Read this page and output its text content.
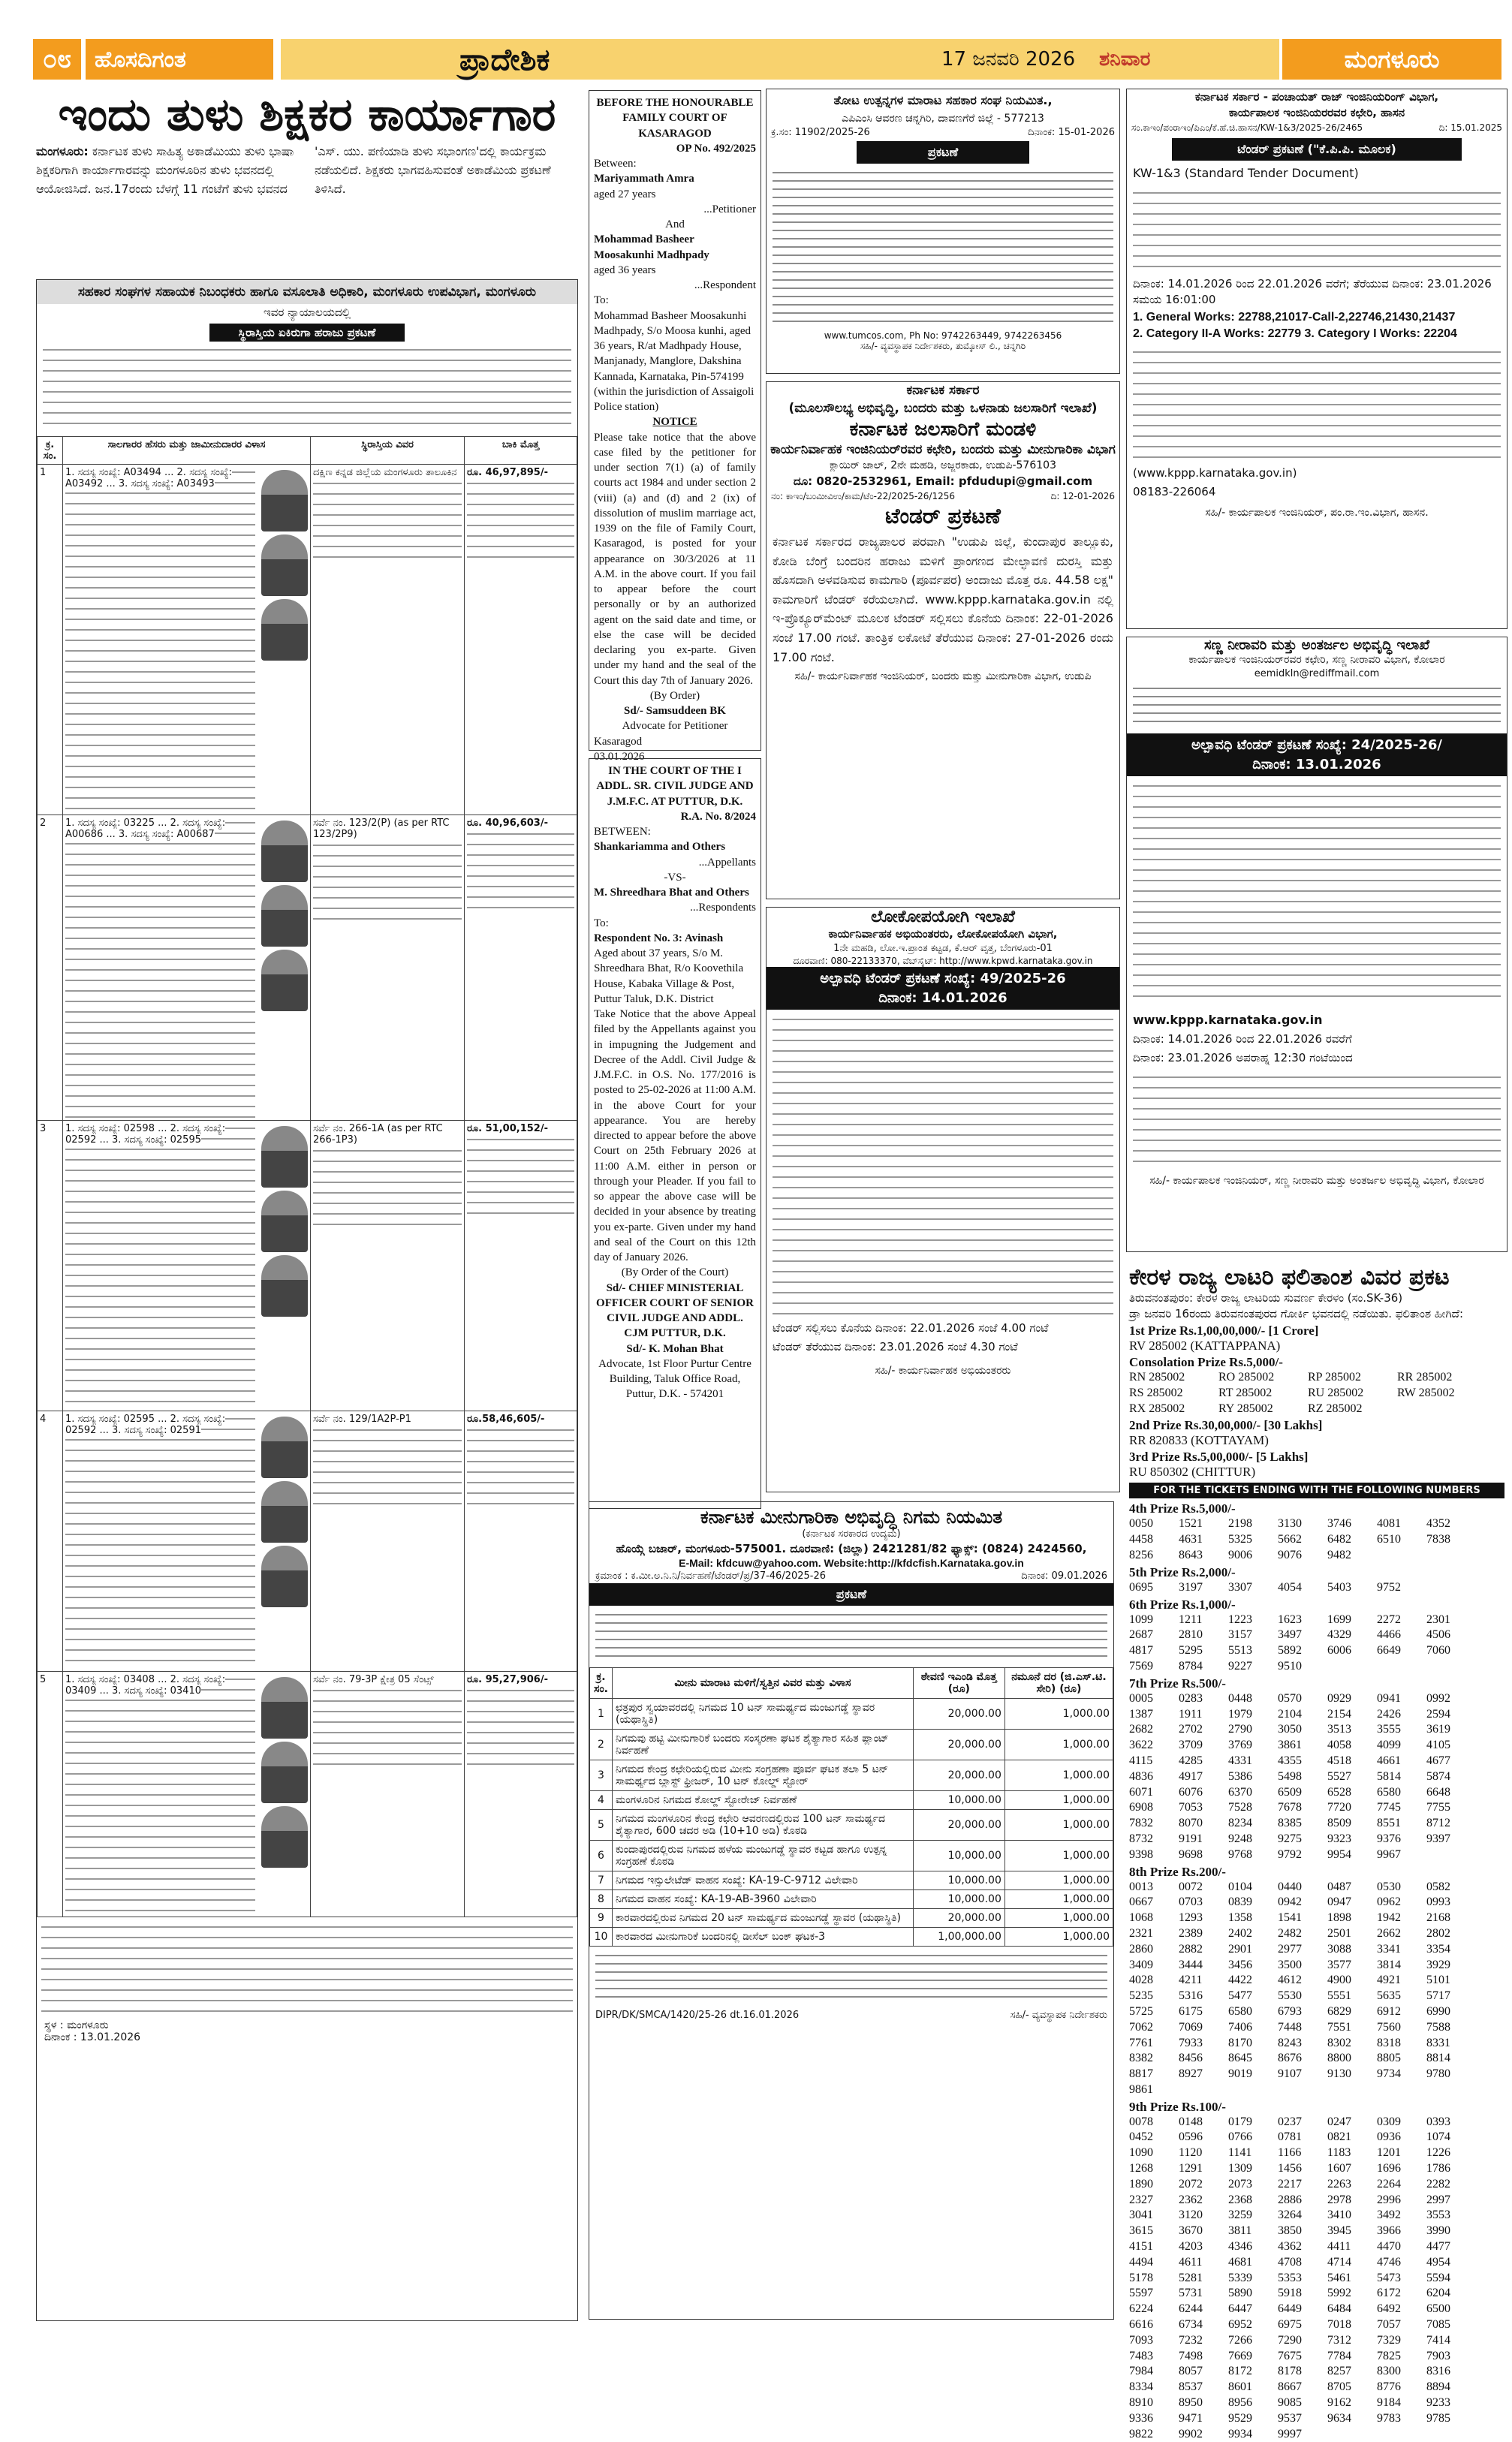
೦೮	ಹೊಸದಿಗಂತ	ಪ್ರಾದೇಶಿಕ	17 ಜನವರಿ 2026 ಶನಿವಾರ	ಮಂಗಳೂರು
ಇಂದು ತುಳು ಶಿಕ್ಷಕರ ಕಾರ್ಯಾಗಾರ
ಮಂಗಳೂರು: ಕರ್ನಾಟಕ ತುಳು ಸಾಹಿತ್ಯ ಅಕಾಡೆಮಿಯು ತುಳು ಭಾಷಾ ಶಿಕ್ಷಕರಿಗಾಗಿ ಕಾರ್ಯಾಗಾರವನ್ನು ಮಂಗಳೂರಿನ ತುಳು ಭವನದಲ್ಲಿ ಆಯೋಜಿಸಿದೆ. ಜನ.17ರಂದು ಬೆಳಗ್ಗೆ 11 ಗಂಟೆಗೆ ತುಳು ಭವನದ 'ಎಸ್. ಯು. ಪಣಿಯಾಡಿ ತುಳು ಸಭಾಂಗಣ'ದಲ್ಲಿ ಕಾರ್ಯಕ್ರಮ ನಡೆಯಲಿದೆ. ಶಿಕ್ಷಕರು ಭಾಗವಹಿಸುವಂತೆ ಅಕಾಡೆಮಿಯ ಪ್ರಕಟಣೆ ತಿಳಿಸಿದೆ.
ಸಹಕಾರ ಸಂಘಗಳ ಸಹಾಯಕ ನಿಬಂಧಕರು ಹಾಗೂ ವಸೂಲಾತಿ ಅಧಿಕಾರಿ, ಮಂಗಳೂರು ಉಪವಿಭಾಗ, ಮಂಗಳೂರು
ಇವರ ನ್ಯಾಯಾಲಯದಲ್ಲಿ
ಸ್ಥಿರಾಸ್ತಿಯ ಏಕಿರುಗಾ ಹರಾಜು ಪ್ರಕಟಣೆ
ಕ್ರ. ಸಂ.	ಸಾಲಗಾರರ ಹೆಸರು ಮತ್ತು ಜಾಮೀನುದಾರರ ವಿಳಾಸ	ಸ್ಥಿರಾಸ್ತಿಯ ವಿವರ	ಬಾಕಿ ಮೊತ್ತ
1	1. ಸದಸ್ಯ ಸಂಖ್ಯೆ: A03494 ... 2. ಸದಸ್ಯ ಸಂಖ್ಯೆ: A03492 ... 3. ಸದಸ್ಯ ಸಂಖ್ಯೆ: A03493	ದಕ್ಷಿಣ ಕನ್ನಡ ಜಿಲ್ಲೆಯ ಮಂಗಳೂರು ತಾಲೂಕಿನ	ರೂ. 46,97,895/-

2	1. ಸದಸ್ಯ ಸಂಖ್ಯೆ: 03225 ... 2. ಸದಸ್ಯ ಸಂಖ್ಯೆ: A00686 ... 3. ಸದಸ್ಯ ಸಂಖ್ಯೆ: A00687	ಸರ್ವೆ ನಂ. 123/2(P) (as per RTC 123/2P9)	ರೂ. 40,96,603/-

3	1. ಸದಸ್ಯ ಸಂಖ್ಯೆ: 02598 ... 2. ಸದಸ್ಯ ಸಂಖ್ಯೆ: 02592 ... 3. ಸದಸ್ಯ ಸಂಖ್ಯೆ: 02595	ಸರ್ವೆ ನಂ. 266-1A (as per RTC 266-1P3)	ರೂ. 51,00,152/-

4	1. ಸದಸ್ಯ ಸಂಖ್ಯೆ: 02595 ... 2. ಸದಸ್ಯ ಸಂಖ್ಯೆ: 02592 ... 3. ಸದಸ್ಯ ಸಂಖ್ಯೆ: 02591	ಸರ್ವೆ ನಂ. 129/1A2P-P1	ರೂ.58,46,605/-

5	1. ಸದಸ್ಯ ಸಂಖ್ಯೆ: 03408 ... 2. ಸದಸ್ಯ ಸಂಖ್ಯೆ: 03409 ... 3. ಸದಸ್ಯ ಸಂಖ್ಯೆ: 03410	ಸರ್ವೆ ನಂ. 79-3P ಕ್ಷೇತ್ರ 05 ಸೆಂಟ್ಸ್	ರೂ. 95,27,906/-
ಸ್ಥಳ : ಮಂಗಳೂರು
ದಿನಾಂಕ : 13.01.2026
BEFORE THE HONOURABLE FAMILY COURT OF KASARAGOD
OP No. 492/2025
Between:
Mariyammath Amra
aged 27 years
...Petitioner
And
Mohammad Basheer Moosakunhi Madhpady
aged 36 years
...Respondent
To:
Mohammad Basheer Moosakunhi Madhpady, S/o Moosa kunhi, aged 36 years, R/at Madhpady House, Manjanady, Manglore, Dakshina Kannada, Karnataka, Pin-574199 (within the jurisdiction of Assaigoli Police station)
NOTICE
Please take notice that the above case filed by the petitioner for under section 7(1) (a) of family courts act 1984 and under section 2 (viii) (a) and (d) and 2 (ix) of dissolution of muslim marriage act, 1939 on the file of Family Court, Kasaragod, is posted for your appearance on 30/3/2026 at 11 A.M. in the above court. If you fail to appear before the court personally or by an authorized agent on the said date and time, or else the case will be decided declaring you ex-parte. Given under my hand and the seal of the Court this day 7th of January 2026.
(By Order)
Sd/- Samsuddeen BK
Advocate for Petitioner
Kasaragod
03.01.2026
IN THE COURT OF THE I ADDL. SR. CIVIL JUDGE AND J.M.F.C. AT PUTTUR, D.K.
R.A. No. 8/2024
BETWEEN:
Shankariamma and Others
...Appellants
-VS-
M. Shreedhara Bhat and Others
...Respondents
To:
Respondent No. 3: Avinash
Aged about 37 years, S/o M. Shreedhara Bhat, R/o Koovethila House, Kabaka Village & Post, Puttur Taluk, D.K. District
Take Notice that the above Appeal filed by the Appellants against you in impugning the Judgement and Decree of the Addl. Civil Judge & J.M.F.C. in O.S. No. 177/2016 is posted to 25-02-2026 at 11:00 A.M. in the above Court for your appearance. You are hereby directed to appear before the above Court on 25th February 2026 at 11:00 A.M. either in person or through your Pleader. If you fail to so appear the above case will be decided in your absence by treating you ex-parte. Given under my hand and seal of the Court on this 12th day of January 2026.
(By Order of the Court)
Sd/- CHIEF MINISTERIAL OFFICER COURT OF SENIOR CIVIL JUDGE AND ADDL. CJM PUTTUR, D.K.
Sd/- K. Mohan Bhat
Advocate, 1st Floor Purtur Centre Building, Taluk Office Road, Puttur, D.K. - 574201
ತೋಟ ಉತ್ಪನ್ನಗಳ ಮಾರಾಟ ಸಹಕಾರ ಸಂಘ ನಿಯಮಿತ.,
ಎಪಿಎಂಸಿ ಆವರಣ ಚನ್ನಗಿರಿ, ದಾವಣಗೆರೆ ಜಿಲ್ಲೆ - 577213
ಕ್ರ.ಸಂ: 11902/2025-26	ದಿನಾಂಕ: 15-01-2026
ಪ್ರಕಟಣೆ
www.tumcos.com, Ph No: 9742263449, 9742263456
ಸಹಿ/- ವ್ಯವಸ್ಥಾಪಕ ನಿರ್ದೇಶಕರು, ತುಮ್ಕೋಸ್ ಲಿ., ಚನ್ನಗಿರಿ
ಕರ್ನಾಟಕ ಸರ್ಕಾರ
(ಮೂಲಸೌಲಭ್ಯ ಅಭಿವೃದ್ಧಿ, ಬಂದರು ಮತ್ತು ಒಳನಾಡು ಜಲಸಾರಿಗೆ ಇಲಾಖೆ)
ಕರ್ನಾಟಕ ಜಲಸಾರಿಗೆ ಮಂಡಳಿ
ಕಾರ್ಯನಿರ್ವಾಹಕ ಇಂಜಿನಿಯರ್‌ರವರ ಕಛೇರಿ, ಬಂದರು ಮತ್ತು ಮೀನುಗಾರಿಕಾ ವಿಭಾಗ
ಕ್ಲಾಯಿರ್ ಜಾಲ್, 2ನೇ ಮಹಡಿ, ಅಜ್ಜರಕಾಡು, ಉಡುಪಿ-576103
ದೂ: 0820-2532961, Email: pfdudupi@gmail.com
ನಂ: ಕಾಇಂ/ಬಂಮೀವಿಉ/ಕಾಮ/ಟೆಂ-22/2025-26/1256	ದಿ: 12-01-2026
ಟೆಂಡರ್ ಪ್ರಕಟಣೆ
ಕರ್ನಾಟಕ ಸರ್ಕಾರದ ರಾಜ್ಯಪಾಲರ ಪರವಾಗಿ "ಉಡುಪಿ ಜಿಲ್ಲೆ, ಕುಂದಾಪುರ ತಾಲ್ಲೂಕು, ಕೋಡಿ ಬೆಂಗ್ರೆ ಬಂದರಿನ ಹರಾಜು ಮಳಿಗೆ ಪ್ರಾಂಗಣದ ಮೇಲ್ಛಾವಣಿ ದುರಸ್ತಿ ಮತ್ತು ಹೊಸದಾಗಿ ಅಳವಡಿಸುವ ಕಾಮಗಾರಿ (ಪೂರ್ವಪರ) ಅಂದಾಜು ಮೊತ್ತ ರೂ. 44.58 ಲಕ್ಷ" ಕಾಮಗಾರಿಗೆ ಟೆಂಡರ್ ಕರೆಯಲಾಗಿದೆ. www.kppp.karnataka.gov.in ನಲ್ಲಿ ಇ-ಪ್ರೊಕ್ಯೂರ್‌ಮೆಂಟ್ ಮೂಲಕ ಟೆಂಡರ್ ಸಲ್ಲಿಸಲು ಕೊನೆಯ ದಿನಾಂಕ: 22-01-2026 ಸಂಜೆ 17.00 ಗಂಟೆ. ತಾಂತ್ರಿಕ ಲಕೋಟೆ ತೆರೆಯುವ ದಿನಾಂಕ: 27-01-2026 ರಂದು 17.00 ಗಂಟೆ.
ಸಹಿ/- ಕಾರ್ಯನಿರ್ವಾಹಕ ಇಂಜಿನಿಯರ್, ಬಂದರು ಮತ್ತು ಮೀನುಗಾರಿಕಾ ವಿಭಾಗ, ಉಡುಪಿ
ಲೋಕೋಪಯೋಗಿ ಇಲಾಖೆ
ಕಾರ್ಯನಿರ್ವಾಹಕ ಅಭಿಯಂತರರು, ಲೋಕೋಪಯೋಗಿ ವಿಭಾಗ,
1ನೇ ಮಹಡಿ, ಲೋ.ಇ.ಪ್ರಾಂತ ಕಟ್ಟಡ, ಕೆ.ಆರ್ ವೃತ್ತ, ಬೆಂಗಳೂರು-01
ದೂರವಾಣಿ: 080-22133370, ವೆಬ್‌ಸೈಟ್: http://www.kpwd.karnataka.gov.in
ಅಲ್ಪಾವಧಿ ಟೆಂಡರ್ ಪ್ರಕಟಣೆ ಸಂಖ್ಯೆ: 49/2025-26
ದಿನಾಂಕ: 14.01.2026
ಟೆಂಡರ್ ಸಲ್ಲಿಸಲು ಕೊನೆಯ ದಿನಾಂಕ: 22.01.2026 ಸಂಜೆ 4.00 ಗಂಟೆ
ಟೆಂಡರ್ ತೆರೆಯುವ ದಿನಾಂಕ: 23.01.2026 ಸಂಜೆ 4.30 ಗಂಟೆ
ಸಹಿ/- ಕಾರ್ಯನಿರ್ವಾಹಕ ಅಭಿಯಂತರರು
ಕರ್ನಾಟಕ ಸರ್ಕಾರ - ಪಂಚಾಯತ್ ರಾಜ್ ಇಂಜಿನಿಯರಿಂಗ್ ವಿಭಾಗ,
ಕಾರ್ಯಪಾಲಕ ಇಂಜಿನಿಯರರವರ ಕಛೇರಿ, ಹಾಸನ
ಸಂ.ಕಾಇಂ/ಪಂರಾಇಂ/ಪಿಎಂ/ಕೆ.ಹೆ.ಚಿ.ಹಾಸನ/KW-1&3/2025-26/2465	ದಿ: 15.01.2025
ಟೆಂಡರ್ ಪ್ರಕಟಣೆ ("ಕೆ.ಪಿ.ಪಿ. ಮೂಲಕ)
KW-1&3 (Standard Tender Document)
ದಿನಾಂಕ: 14.01.2026 ರಿಂದ 22.01.2026 ವರೆಗೆ; ತೆರೆಯುವ ದಿನಾಂಕ: 23.01.2026 ಸಮಯ 16:01:00
1. General Works: 22788,21017-Call-2,22746,21430,21437
2. Category II-A Works: 22779 3. Category I Works: 22204
(www.kppp.karnataka.gov.in)
08183-226064
ಸಹಿ/- ಕಾರ್ಯಪಾಲಕ ಇಂಜಿನಿಯರ್, ಪಂ.ರಾ.ಇಂ.ವಿಭಾಗ, ಹಾಸನ.
ಸಣ್ಣ ನೀರಾವರಿ ಮತ್ತು ಅಂತರ್ಜಲ ಅಭಿವೃದ್ಧಿ ಇಲಾಖೆ
ಕಾರ್ಯಪಾಲಕ ಇಂಜಿನಿಯರ್‌ರವರ ಕಛೇರಿ, ಸಣ್ಣ ನೀರಾವರಿ ವಿಭಾಗ, ಕೋಲಾರ
eemidkln@rediffmail.com
ಅಲ್ಪಾವಧಿ ಟೆಂಡರ್ ಪ್ರಕಟಣೆ ಸಂಖ್ಯೆ: 24/2025-26/
ದಿನಾಂಕ: 13.01.2026
www.kppp.karnataka.gov.in
ದಿನಾಂಕ: 14.01.2026 ರಿಂದ 22.01.2026 ರವರೆಗೆ
ದಿನಾಂಕ: 23.01.2026 ಅಪರಾಹ್ನ 12:30 ಗಂಟೆಯಿಂದ
ಸಹಿ/- ಕಾರ್ಯಪಾಲಕ ಇಂಜಿನಿಯರ್, ಸಣ್ಣ ನೀರಾವರಿ ಮತ್ತು ಅಂತರ್ಜಲ ಅಭಿವೃದ್ಧಿ ವಿಭಾಗ, ಕೋಲಾರ
ಕೇರಳ ರಾಜ್ಯ ಲಾಟರಿ ಫಲಿತಾಂಶ ವಿವರ ಪ್ರಕಟ
ತಿರುವನಂತಪುರಂ: ಕೇರಳ ರಾಜ್ಯ ಲಾಟರಿಯ ಸುವರ್ಣ ಕೇರಳಂ (ಸಂ.SK-36)
ಡ್ರಾ ಜನವರಿ 16ರಂದು ತಿರುವನಂತಪುರದ ಗೋರ್ಕಿ ಭವನದಲ್ಲಿ ನಡೆಯಿತು. ಫಲಿತಾಂಶ ಹೀಗಿದೆ:
1st Prize Rs.1,00,00,000/- [1 Crore]
RV 285002 (KATTAPPANA)
Consolation Prize Rs.5,000/-
RN 285002	RO 285002	RP 285002	RR 285002
RS 285002	RT 285002	RU 285002	RW 285002
RX 285002	RY 285002	RZ 285002
2nd Prize Rs.30,00,000/- [30 Lakhs]
RR 820833 (KOTTAYAM)
3rd Prize Rs.5,00,000/- [5 Lakhs]
RU 850302 (CHITTUR)
FOR THE TICKETS ENDING WITH THE FOLLOWING NUMBERS
4th Prize Rs.5,000/-
0050	1521	2198	3130	3746	4081	4352
4458	4631	5325	5662	6482	6510	7838
8256	8643	9006	9076	9482
5th Prize Rs.2,000/-
0695	3197	3307	4054	5403	9752
6th Prize Rs.1,000/-
1099	1211	1223	1623	1699	2272	2301
2687	2810	3157	3497	4329	4466	4506
4817	5295	5513	5892	6006	6649	7060
7569	8784	9227	9510
7th Prize Rs.500/-
0005	0283	0448	0570	0929	0941	0992
1387	1911	1979	2104	2154	2426	2594
2682	2702	2790	3050	3513	3555	3619
3622	3709	3769	3861	4058	4099	4105
4115	4285	4331	4355	4518	4661	4677
4836	4917	5386	5498	5527	5814	5874
6071	6076	6370	6509	6528	6580	6648
6908	7053	7528	7678	7720	7745	7755
7832	8070	8234	8385	8509	8551	8712
8732	9191	9248	9275	9323	9376	9397
9398	9698	9768	9792	9954	9967
8th Prize Rs.200/-
0013	0072	0104	0440	0487	0530	0582
0667	0703	0839	0942	0947	0962	0993
1068	1293	1358	1541	1898	1942	2168
2321	2389	2402	2482	2501	2662	2802
2860	2882	2901	2977	3088	3341	3354
3409	3444	3456	3500	3577	3814	3929
4028	4211	4422	4612	4900	4921	5101
5235	5316	5477	5530	5551	5635	5717
5725	6175	6580	6793	6829	6912	6990
7062	7069	7406	7448	7551	7560	7588
7761	7933	8170	8243	8302	8318	8331
8382	8456	8645	8676	8800	8805	8814
8817	8927	9019	9107	9130	9734	9780
9861
9th Prize Rs.100/-
0078	0148	0179	0237	0247	0309	0393
0452	0596	0766	0781	0821	0936	1074
1090	1120	1141	1166	1183	1201	1226
1268	1291	1309	1456	1607	1696	1786
1890	2072	2073	2217	2263	2264	2282
2327	2362	2368	2886	2978	2996	2997
3041	3120	3259	3264	3410	3492	3553
3615	3670	3811	3850	3945	3966	3990
4151	4203	4346	4362	4411	4470	4477
4494	4611	4681	4708	4714	4746	4954
5178	5281	5339	5353	5461	5473	5594
5597	5731	5890	5918	5992	6172	6204
6224	6244	6447	6449	6484	6492	6500
6616	6734	6952	6975	7018	7057	7085
7093	7232	7266	7290	7312	7329	7414
7483	7498	7669	7675	7784	7825	7903
7984	8057	8172	8178	8257	8300	8316
8334	8537	8601	8667	8705	8776	8894
8910	8950	8956	9085	9162	9184	9233
9336	9471	9529	9537	9634	9783	9785
9822	9902	9934	9997
ಕರ್ನಾಟಕ ಮೀನುಗಾರಿಕಾ ಅಭಿವೃದ್ಧಿ ನಿಗಮ ನಿಯಮಿತ
(ಕರ್ನಾಟಕ ಸರಕಾರದ ಉದ್ಯಮ)
ಹೊಯ್ಗೆ ಬಜಾರ್, ಮಂಗಳೂರು-575001. ದೂರವಾಣಿ: (ಜಿಲ್ಲಾ) 2421281/82 ಫ್ಯಾಕ್ಸ್: (0824) 2424560,
E-Mail: kfdcuw@yahoo.com. Website:http://kfdcfish.Karnataka.gov.in
ಕ್ರಮಾಂಕ : ಕ.ಮೀ.ಅ.ನಿ.ನಿ/ನಿರ್ವಹಣೆ/ಟೆಂಡರ್/ಪ್ರ/37-46/2025-26	ದಿನಾಂಕ: 09.01.2026
ಪ್ರಕಟಣೆ
ಕ್ರ. ಸಂ.	ಮೀನು ಮಾರಾಟ ಮಳಿಗೆ/ಸ್ವತ್ತಿನ ವಿವರ ಮತ್ತು ವಿಳಾಸ	ಠೇವಣಿ ಇಎಂಡಿ ಮೊತ್ತ (ರೂ)	ನಮೂನೆ ದರ (ಜಿ.ಎಸ್.ಟಿ. ಸೇರಿ) (ರೂ)
1	ಛತ್ರಪುರ ಸ್ವಯಾವರದಲ್ಲಿ ನಿಗಮದ 10 ಟನ್ ಸಾಮರ್ಥ್ಯದ ಮಂಜುಗಡ್ಡೆ ಸ್ಥಾವರ (ಯಥಾಸ್ಥಿತಿ)	20,000.00	1,000.00
2	ನಿಗಮವು ಹಟ್ಟಿ ಮೀನುಗಾರಿಕೆ ಬಂದರು ಸಂಸ್ಕರಣಾ ಘಟಕ ಶೈತ್ಯಾಗಾರ ಸಹಿತ ಪ್ಲಾಂಟ್ ನಿರ್ವಹಣೆ	20,000.00	1,000.00
3	ನಿಗಮದ ಕೇಂದ್ರ ಕಛೇರಿಯಲ್ಲಿರುವ ಮೀನು ಸಂಗ್ರಹಣಾ ಪೂರ್ವ ಘಟಕ ತಲಾ 5 ಟನ್ ಸಾಮರ್ಥ್ಯದ ಬ್ಲಾಸ್ಟ್ ಫ್ರೀಜರ್, 10 ಟನ್ ಕೋಲ್ಡ್ ಸ್ಟೋರ್	20,000.00	1,000.00
4	ಮಂಗಳೂರಿನ ನಿಗಮದ ಕೋಲ್ಡ್ ಸ್ಟೋರೇಜ್ ನಿರ್ವಹಣೆ	10,000.00	1,000.00
5	ನಿಗಮದ ಮಂಗಳೂರಿನ ಕೇಂದ್ರ ಕಛೇರಿ ಆವರಣದಲ್ಲಿರುವ 100 ಟನ್ ಸಾಮರ್ಥ್ಯದ ಶೈತ್ಯಾಗಾರ, 600 ಚದರ ಅಡಿ (10+10 ಅಡಿ) ಕೊಠಡಿ	20,000.00	1,000.00
6	ಕುಂದಾಪುರದಲ್ಲಿರುವ ನಿಗಮದ ಹಳೆಯ ಮಂಜುಗಡ್ಡೆ ಸ್ಥಾವರ ಕಟ್ಟಡ ಹಾಗೂ ಉತ್ಪನ್ನ ಸಂಗ್ರಹಣೆ ಕೊಠಡಿ	10,000.00	1,000.00
7	ನಿಗಮದ ಇನ್ಸುಲೇಟೆಡ್ ವಾಹನ ಸಂಖ್ಯೆ: KA-19-C-9712 ವಿಲೇವಾರಿ	10,000.00	1,000.00
8	ನಿಗಮದ ವಾಹನ ಸಂಖ್ಯೆ: KA-19-AB-3960 ವಿಲೇವಾರಿ	10,000.00	1,000.00
9	ಕಾರವಾರದಲ್ಲಿರುವ ನಿಗಮದ 20 ಟನ್ ಸಾಮರ್ಥ್ಯದ ಮಂಜುಗಡ್ಡೆ ಸ್ಥಾವರ (ಯಥಾಸ್ಥಿತಿ)	20,000.00	1,000.00
10	ಕಾರವಾರದ ಮೀನುಗಾರಿಕೆ ಬಂದರಿನಲ್ಲಿ ಡೀಸೆಲ್ ಬಂಕ್ ಘಟಕ-3	1,00,000.00	1,000.00
DIPR/DK/SMCA/1420/25-26 dt.16.01.2026	ಸಹಿ/- ವ್ಯವಸ್ಥಾಪಕ ನಿರ್ದೇಶಕರು
